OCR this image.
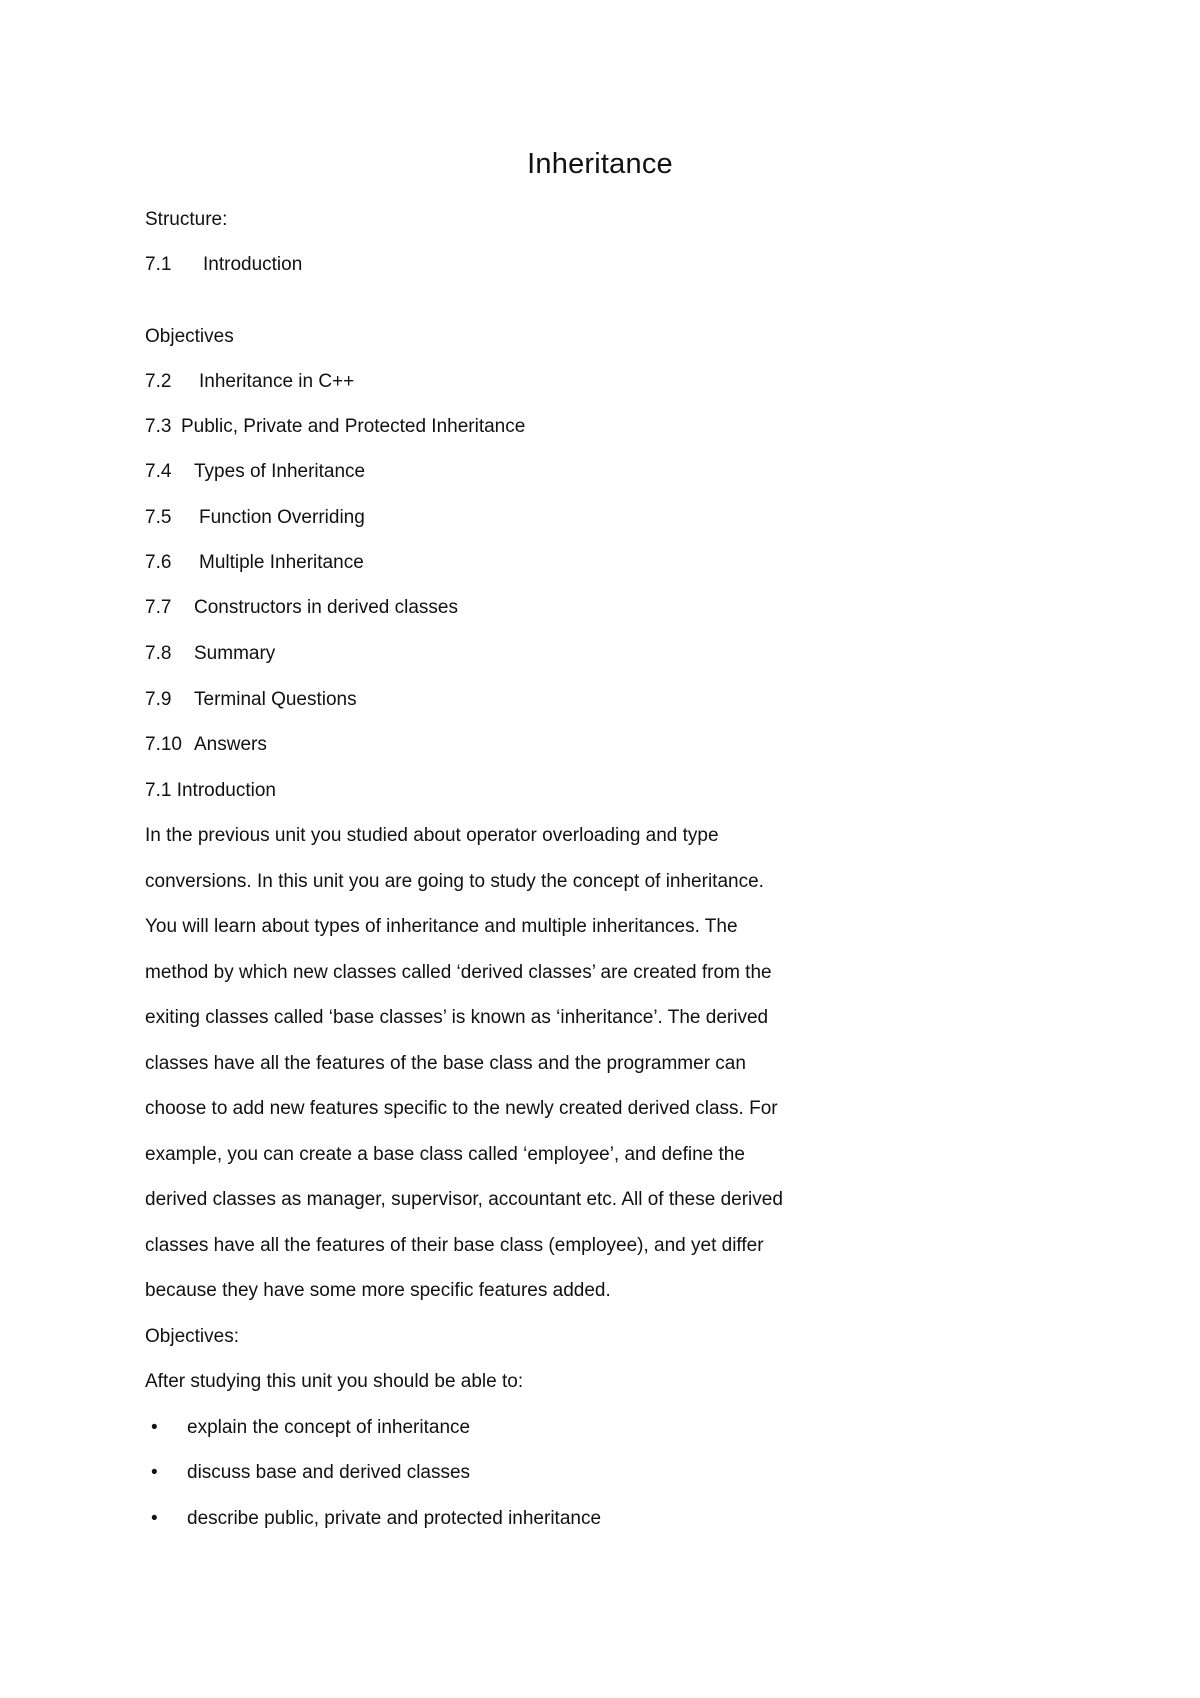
Inheritance
Structure:
7.1 Introduction
Objectives
7.2 Inheritance in C++
7.3 Public, Private and Protected Inheritance
7.4 Types of Inheritance
7.5 Function Overriding
7.6 Multiple Inheritance
7.7 Constructors in derived classes
7.8 Summary
7.9 Terminal Questions
7.10 Answers
7.1 Introduction
In the previous unit you studied about operator overloading and type
conversions. In this unit you are going to study the concept of inheritance.
You will learn about types of inheritance and multiple inheritances. The
method by which new classes called ‘derived classes’ are created from the
exiting classes called ‘base classes’ is known as ‘inheritance’. The derived
classes have all the features of the base class and the programmer can
choose to add new features specific to the newly created derived class. For
example, you can create a base class called ‘employee’, and define the
derived classes as manager, supervisor, accountant etc. All of these derived
classes have all the features of their base class (employee), and yet differ
because they have some more specific features added.
Objectives:
After studying this unit you should be able to:
• explain the concept of inheritance
• discuss base and derived classes
• describe public, private and protected inheritance
